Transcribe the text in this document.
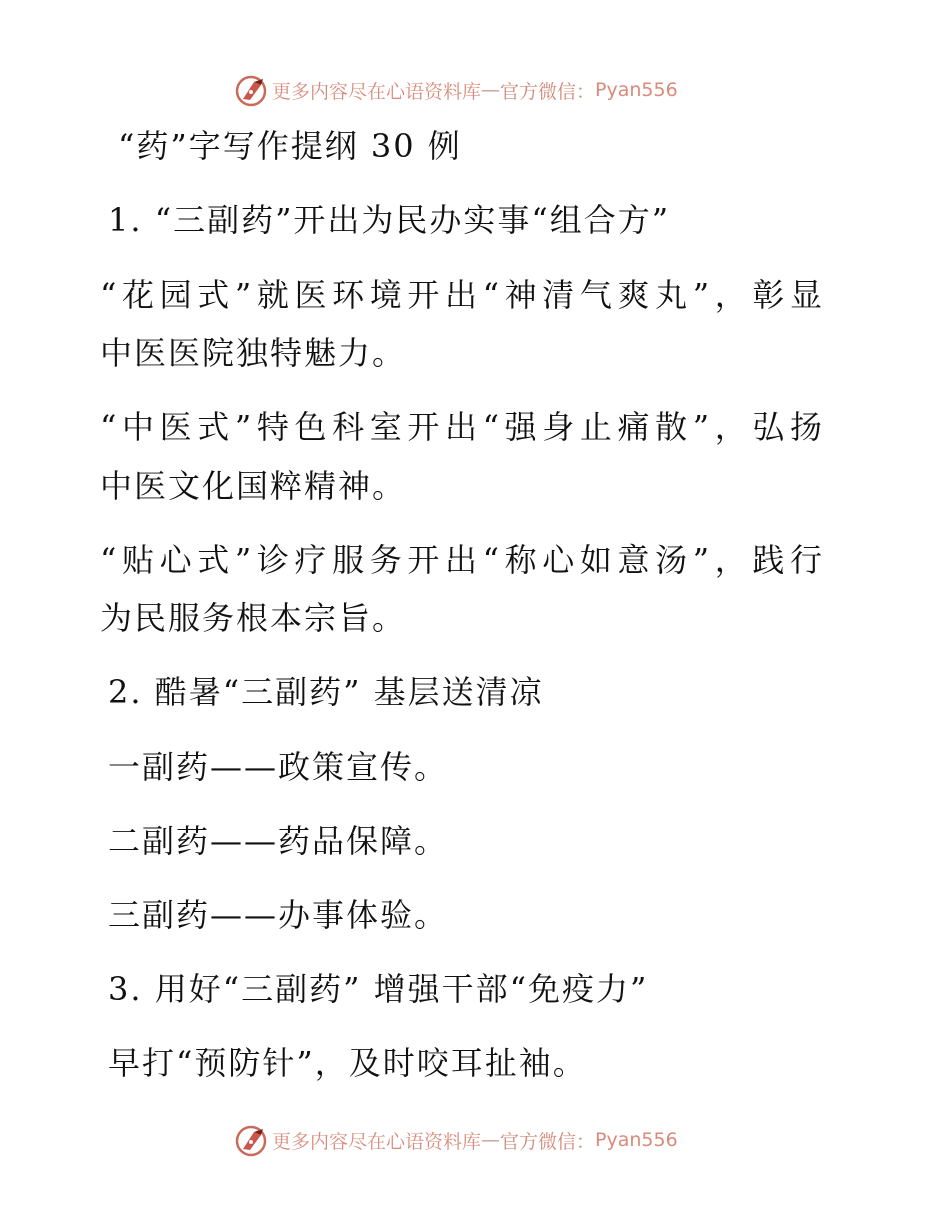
更多内容尽在心语资料库 — 官方微信： Pyan556
“药”字写作提纲 30 例
1. “三副药”开出为民办实事“组合方”
“花园式”就医环境开出“神清气爽丸”，彰显
中医医院独特魅力。
“中医式”特色科室开出“强身止痛散”，弘扬
中医文化国粹精神。
“贴心式”诊疗服务开出“称心如意汤”，践行
为民服务根本宗旨。
2. 酷暑“三副药” 基层送清凉
一副药——政策宣传。
二副药——药品保障。
三副药——办事体验。
3. 用好“三副药” 增强干部“免疫力”
早打“预防针”，及时咬耳扯袖。
更多内容尽在心语资料库 — 官方微信： Pyan556
